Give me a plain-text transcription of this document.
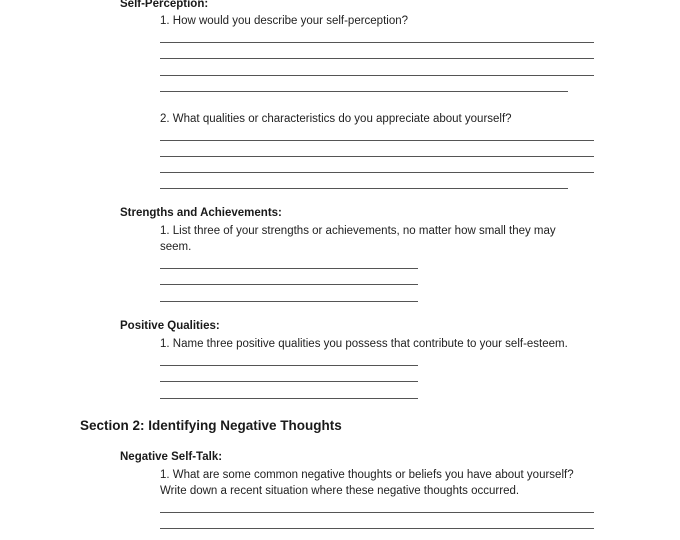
Self-Perception:
1. How would you describe your self-perception?
2. What qualities or characteristics do you appreciate about yourself?
Strengths and Achievements:
1. List three of your strengths or achievements, no matter how small they may
seem.
Positive Qualities:
1. Name three positive qualities you possess that contribute to your self-esteem.
Section 2: Identifying Negative Thoughts
Negative Self-Talk:
1. What are some common negative thoughts or beliefs you have about yourself?
Write down a recent situation where these negative thoughts occurred.
